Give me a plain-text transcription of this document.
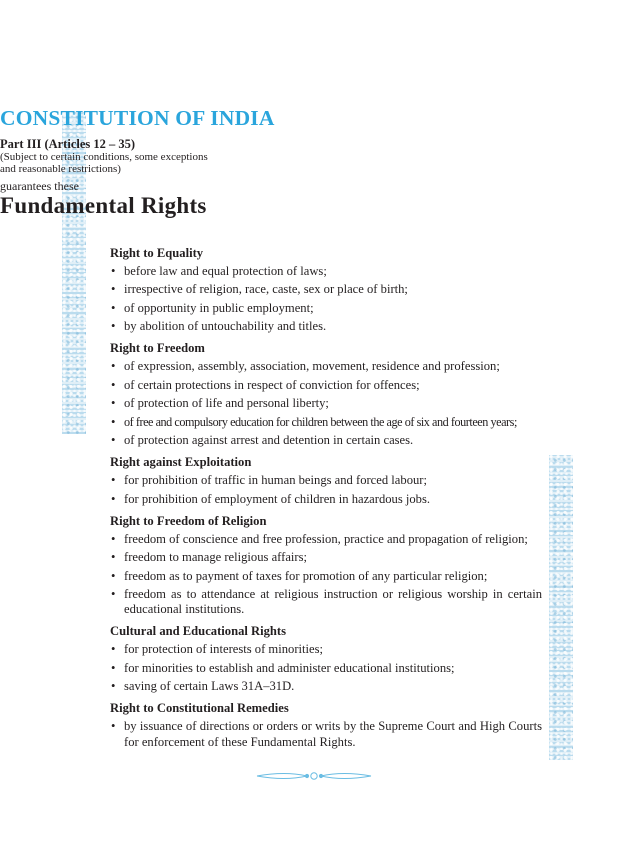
CONSTITUTION OF INDIA
Part III (Articles 12 – 35)
(Subject to certain conditions, some exceptions
and reasonable restrictions)
guarantees these
Fundamental Rights
Right to Equality
• before law and equal protection of laws;
• irrespective of religion, race, caste, sex or place of birth;
• of opportunity in public employment;
• by abolition of untouchability and titles.
Right to Freedom
• of expression, assembly, association, movement, residence and profession;
• of certain protections in respect of conviction for offences;
• of protection of life and personal liberty;
• of free and compulsory education for children between the age of six and fourteen years;
• of protection against arrest and detention in certain cases.
Right against Exploitation
• for prohibition of traffic in human beings and forced labour;
• for prohibition of employment of children in hazardous jobs.
Right to Freedom of Religion
• freedom of conscience and free profession, practice and propagation of religion;
• freedom to manage religious affairs;
• freedom as to payment of taxes for promotion of any particular religion;
• freedom as to attendance at religious instruction or religious worship in certain educational institutions.
Cultural and Educational Rights
• for protection of interests of minorities;
• for minorities to establish and administer educational institutions;
• saving of certain Laws 31A–31D.
Right to Constitutional Remedies
• by issuance of directions or orders or writs by the Supreme Court and High Courts for enforcement of these Fundamental Rights.
